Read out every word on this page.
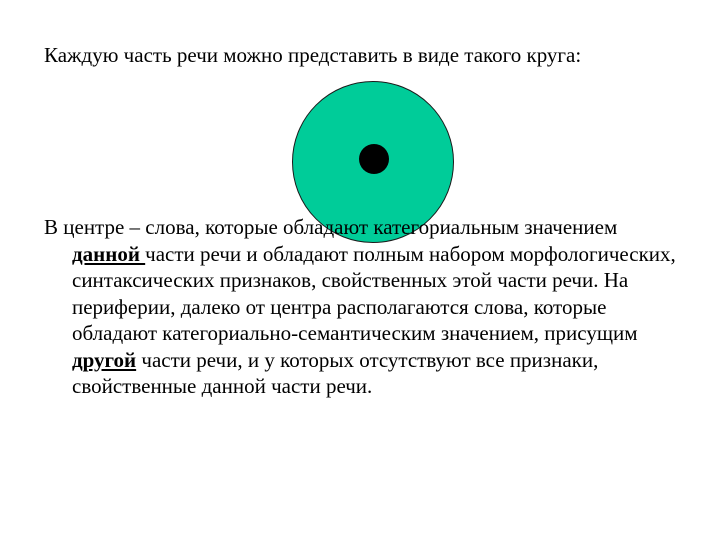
Каждую часть речи можно представить в виде такого круга:

В центре – слова, которые обладают категориальным значением данной части речи и обладают полным набором морфологических, синтаксических признаков, свойственных этой части речи. На периферии, далеко от центра располагаются слова, которые обладают категориально-семантическим значением, присущим другой части речи, и у которых отсутствуют все признаки, свойственные данной части речи.
